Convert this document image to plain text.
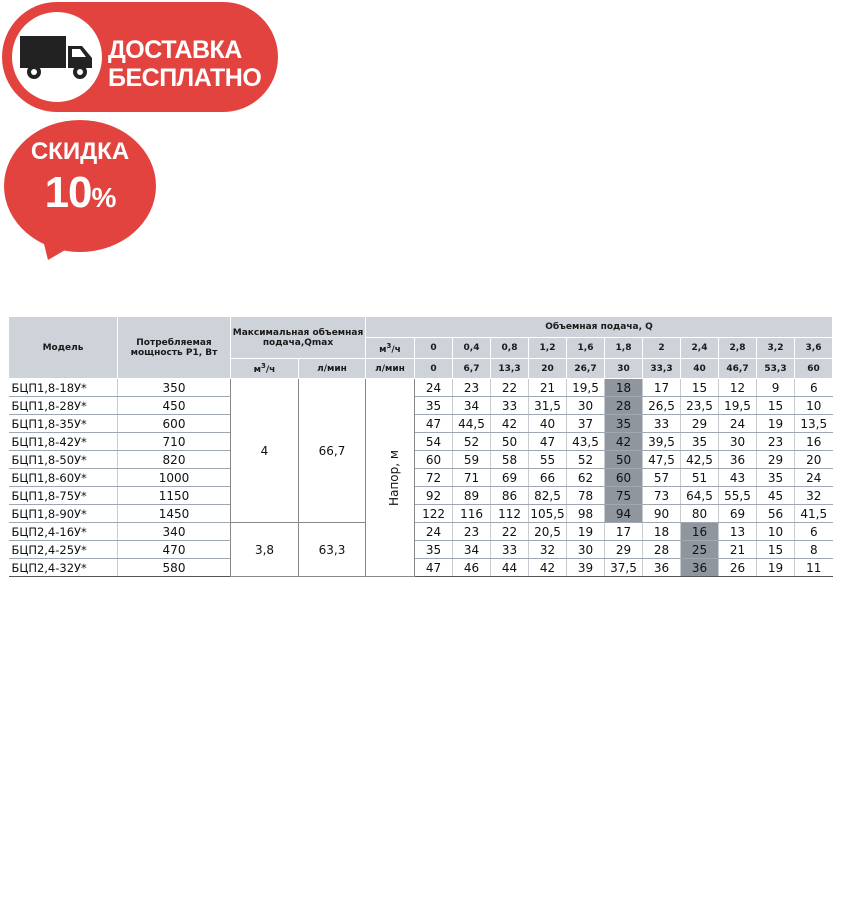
ДОСТАВКА
БЕСПЛАТНО
СКИДКА
10%
Модель	Потребляемая мощность Р1, Вт	Максимальная объемная подача,Qmax		Объемная подача, Q											
				$м^3/ч$	0	0,4	0,8	1,2	1,6	1,8	2	2,4	2,8	3,2	3,6
		$м^3/ч$	л/мин	л/мин	0	6,7	13,3	20	26,7	30	33,3	40	46,7	53,3	60
БЦП1,8-18У*	350	4	66,7	Напор, м	24	23	22	21	19,5	18	17	15	12	9	6
БЦП1,8-28У*	450				35	34	33	31,5	30	28	26,5	23,5	19,5	15	10
БЦП1,8-35У*	600				47	44,5	42	40	37	35	33	29	24	19	13,5
БЦП1,8-42У*	710				54	52	50	47	43,5	42	39,5	35	30	23	16
БЦП1,8-50У*	820				60	59	58	55	52	50	47,5	42,5	36	29	20
БЦП1,8-60У*	1000				72	71	69	66	62	60	57	51	43	35	24
БЦП1,8-75У*	1150				92	89	86	82,5	78	75	73	64,5	55,5	45	32
БЦП1,8-90У*	1450				122	116	112	105,5	98	94	90	80	69	56	41,5
БЦП2,4-16У*	340	3,8	63,3		24	23	22	20,5	19	17	18	16	13	10	6
БЦП2,4-25У*	470				35	34	33	32	30	29	28	25	21	15	8
БЦП2,4-32У*	580				47	46	44	42	39	37,5	36	36	26	19	11
